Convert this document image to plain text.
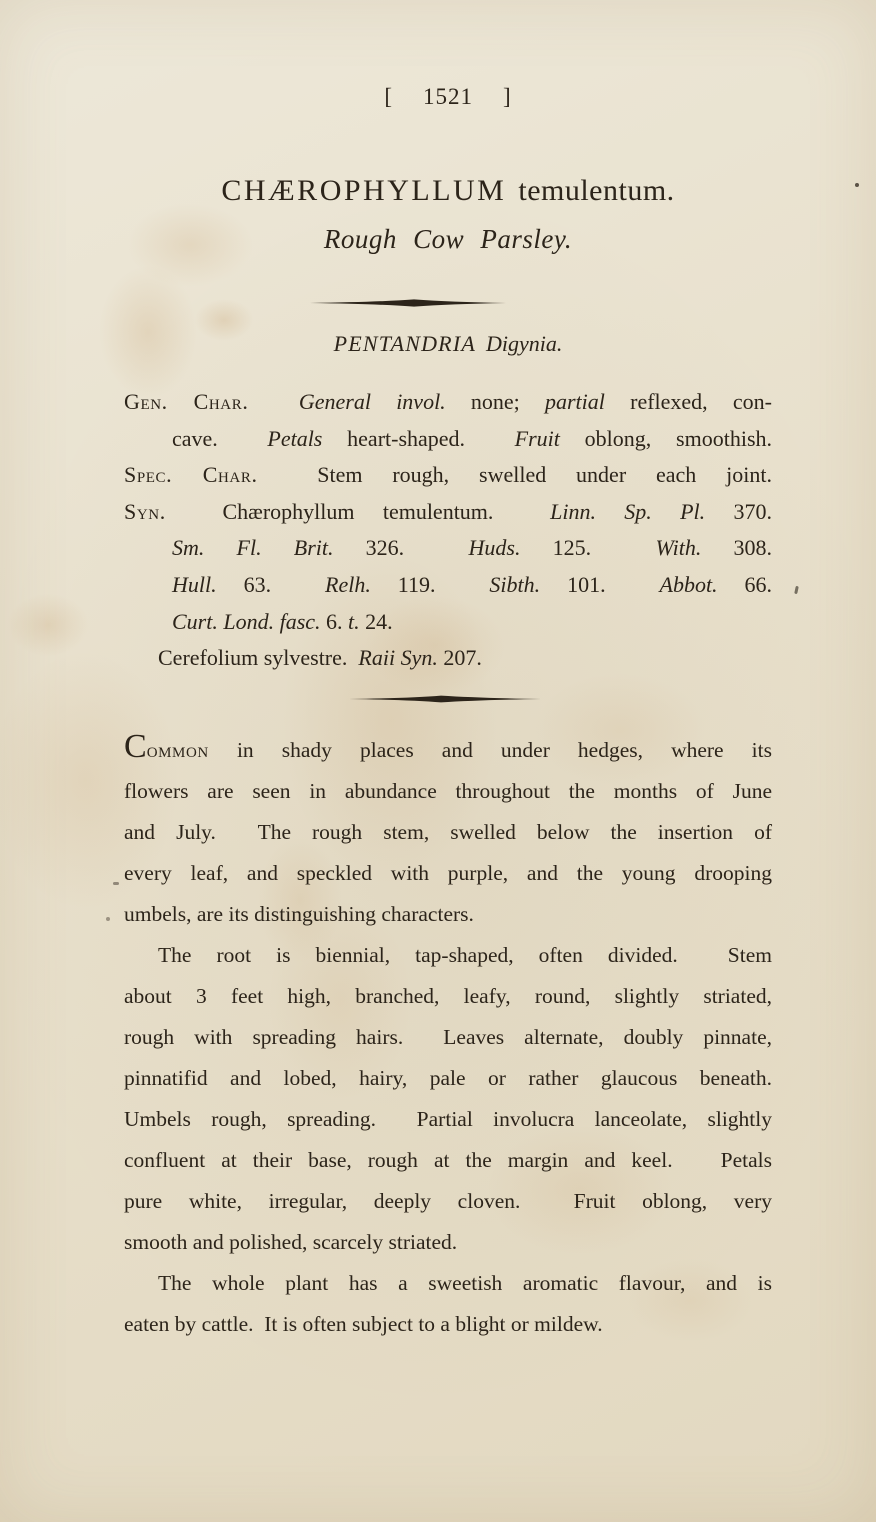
[ 1521 ]
CHÆROPHYLLUM temulentum.
Rough Cow Parsley.
PENTANDRIA Digynia.
Gen. Char. General invol. none; partial reflexed, con-
cave.  Petals heart-shaped.  Fruit oblong, smoothish.
Spec. Char.  Stem rough, swelled under each joint.
Syn.  Chærophyllum temulentum.  Linn. Sp. Pl. 370.
Sm. Fl. Brit. 326.  Huds. 125.  With. 308.
Hull. 63.  Relh. 119.  Sibth. 101.  Abbot. 66.
Curt. Lond. fasc. 6. t. 24.
Cerefolium sylvestre.  Raii Syn. 207.
Common in shady places and under hedges, where its
flowers are seen in abundance throughout the months of June
and July.  The rough stem, swelled below the insertion of
every leaf, and speckled with purple, and the young drooping
umbels, are its distinguishing characters.
The root is biennial, tap-shaped, often divided.  Stem
about 3 feet high, branched, leafy, round, slightly striated,
rough with spreading hairs.  Leaves alternate, doubly pinnate,
pinnatifid and lobed, hairy, pale or rather glaucous beneath.
Umbels rough, spreading.  Partial involucra lanceolate, slightly
confluent at their base, rough at the margin and keel.   Petals
pure white, irregular, deeply cloven.  Fruit oblong, very
smooth and polished, scarcely striated.
The whole plant has a sweetish aromatic flavour, and is
eaten by cattle.  It is often subject to a blight or mildew.
